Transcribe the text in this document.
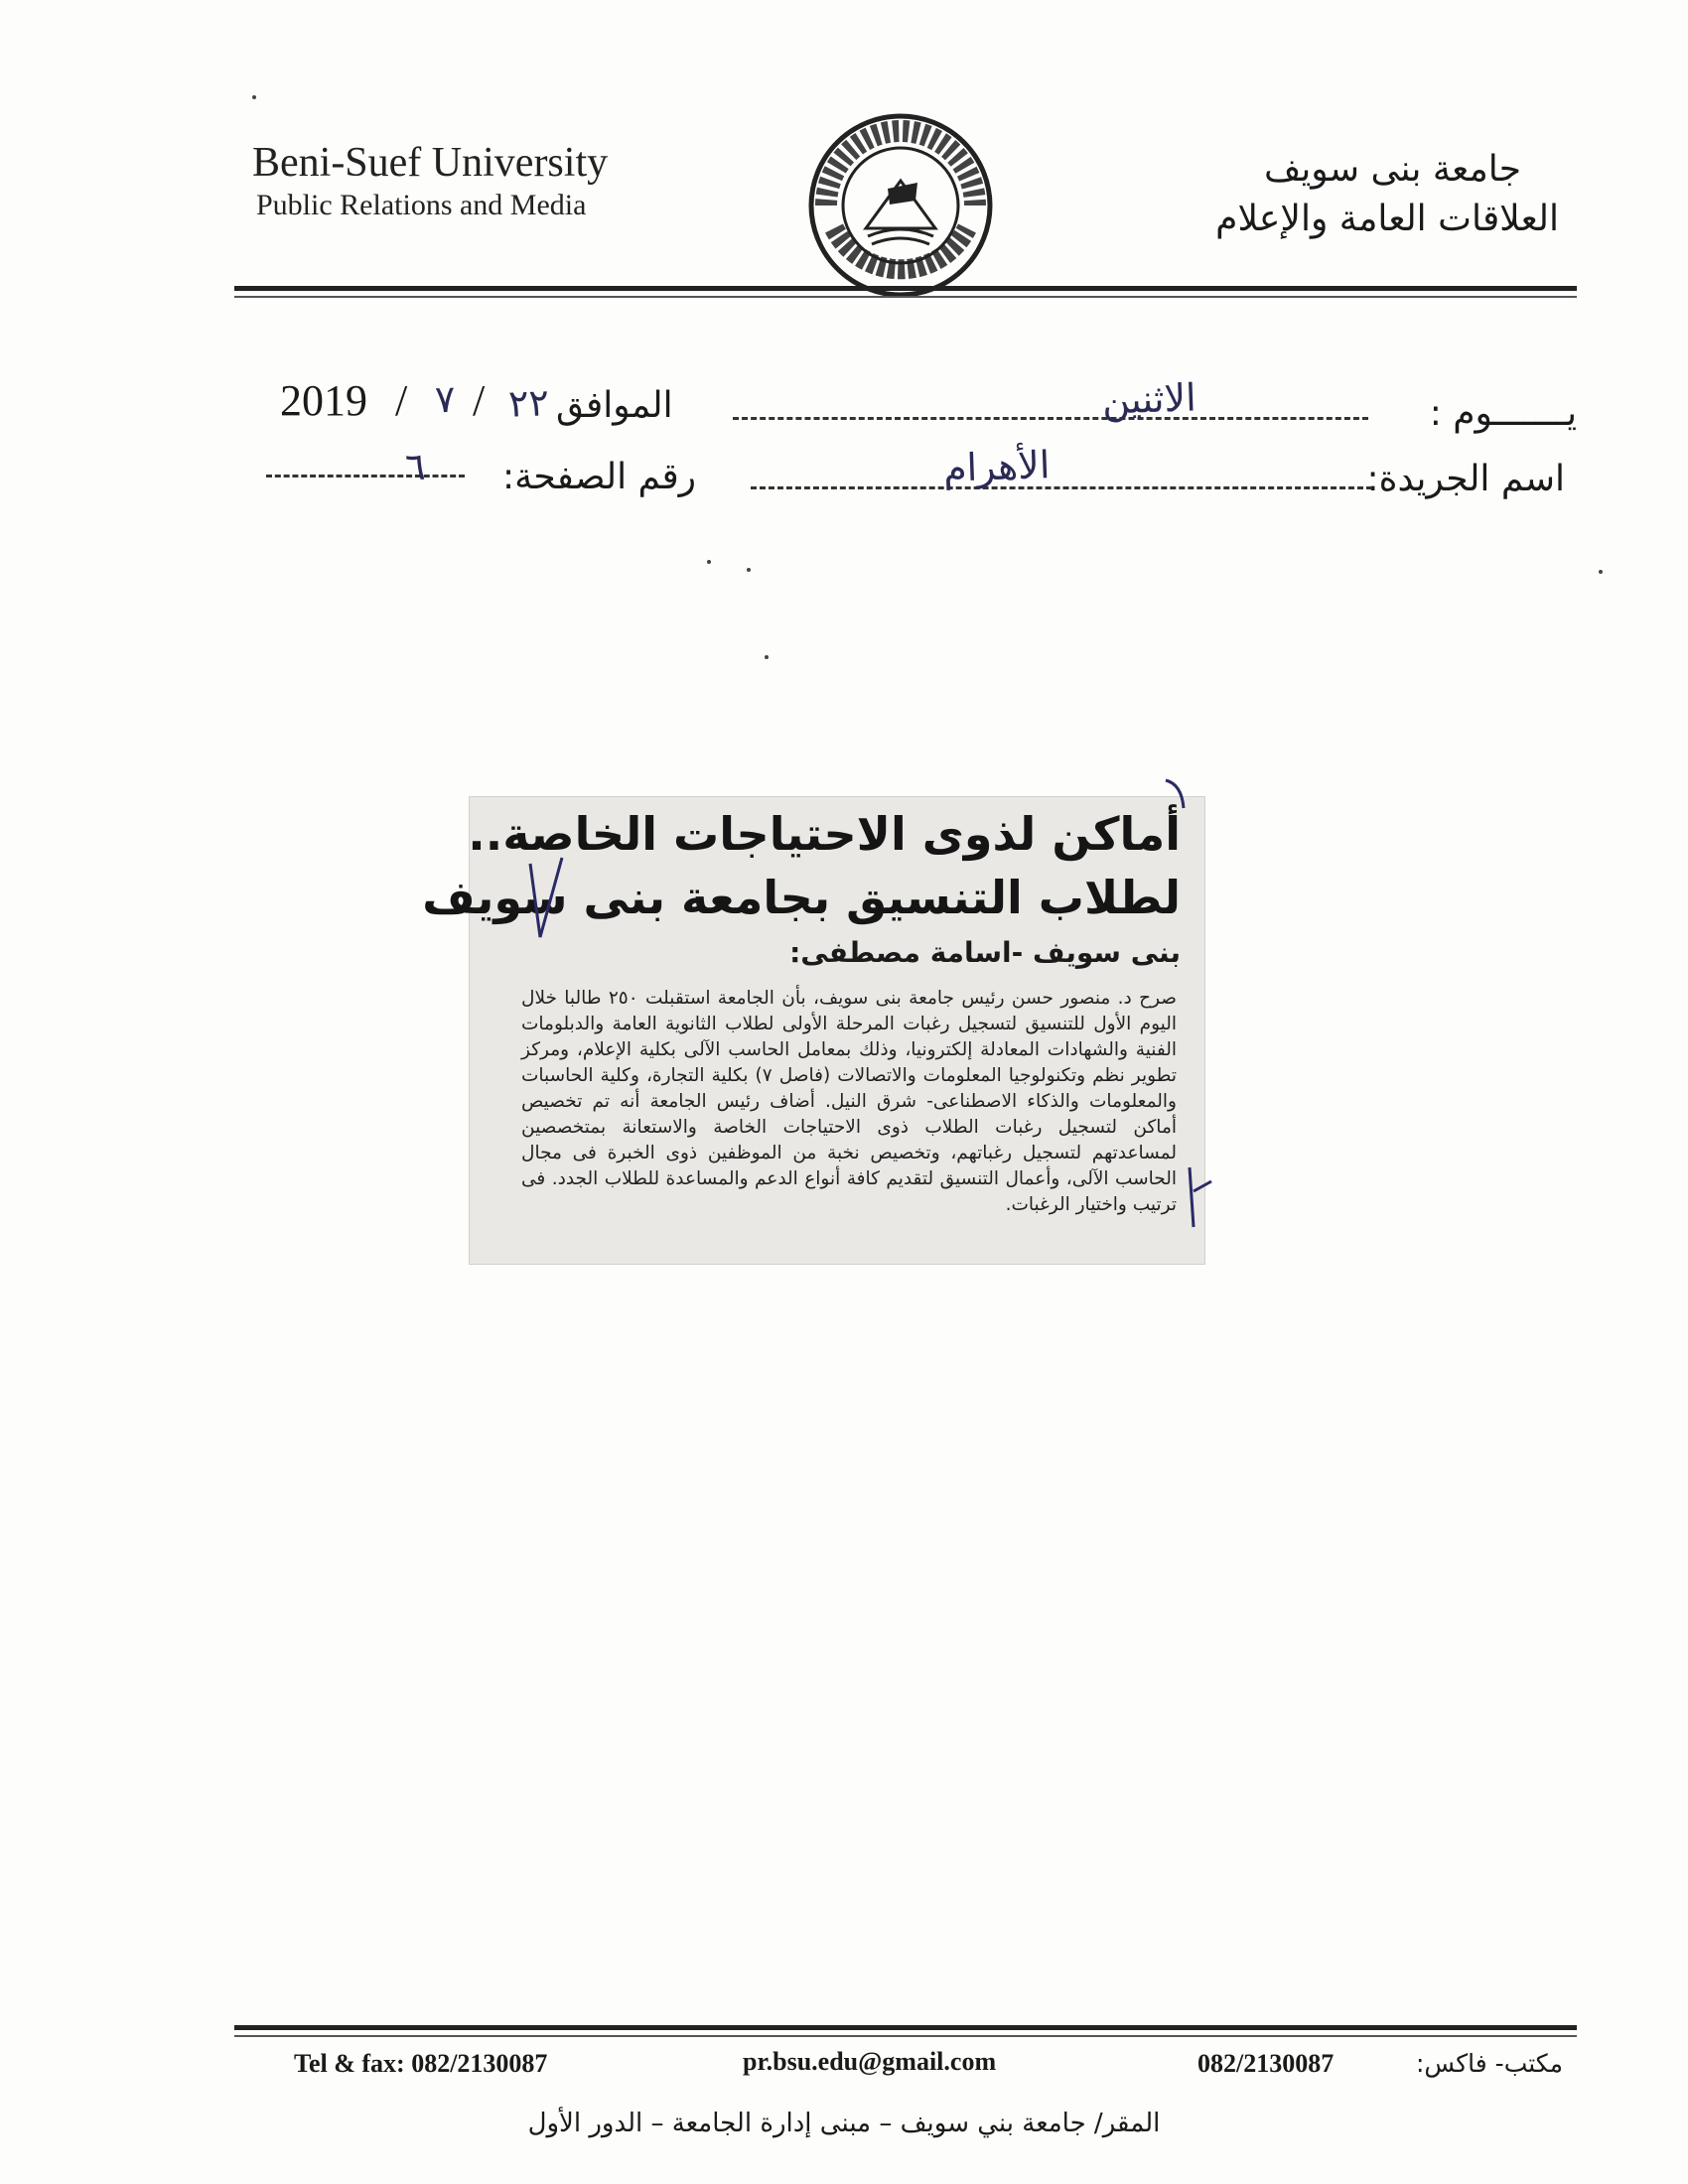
Beni-Suef University
Public Relations and Media
جامعة بنى سويف
العلاقات العامة والإعلام
يـــــــوم :
الاثنين
الموافق
2019 / ٧ / ٢٢
اسم الجريدة:
الأهرام
رقم الصفحة:
٦
أماكن لذوى الاحتياجات الخاصة..
لطلاب التنسيق بجامعة بنى سويف
بنى سويف -اسامة مصطفى:
صرح د. منصور حسن رئيس جامعة بنى سويف، بأن الجامعة استقبلت ٢٥٠ طالبا خلال اليوم الأول للتنسيق لتسجيل رغبات المرحلة الأولى لطلاب الثانوية العامة والدبلومات الفنية والشهادات المعادلة إلكترونيا، وذلك بمعامل الحاسب الآلى بكلية الإعلام، ومركز تطوير نظم وتكنولوجيا المعلومات والاتصالات (فاصل ٧) بكلية التجارة، وكلية الحاسبات والمعلومات والذكاء الاصطناعى- شرق النيل. أضاف رئيس الجامعة أنه تم تخصيص أماكن لتسجيل رغبات الطلاب ذوى الاحتياجات الخاصة والاستعانة بمتخصصين لمساعدتهم لتسجيل رغباتهم، وتخصيص نخبة من الموظفين ذوى الخبرة فى مجال الحاسب الآلى، وأعمال التنسيق لتقديم كافة أنواع الدعم والمساعدة للطلاب الجدد. فى ترتيب واختيار الرغبات.
Tel & fax: 082/2130087	pr.bsu.edu@gmail.com	082/2130087	مكتب- فاكس:
المقر/ جامعة بني سويف – مبنى إدارة الجامعة – الدور الأول
